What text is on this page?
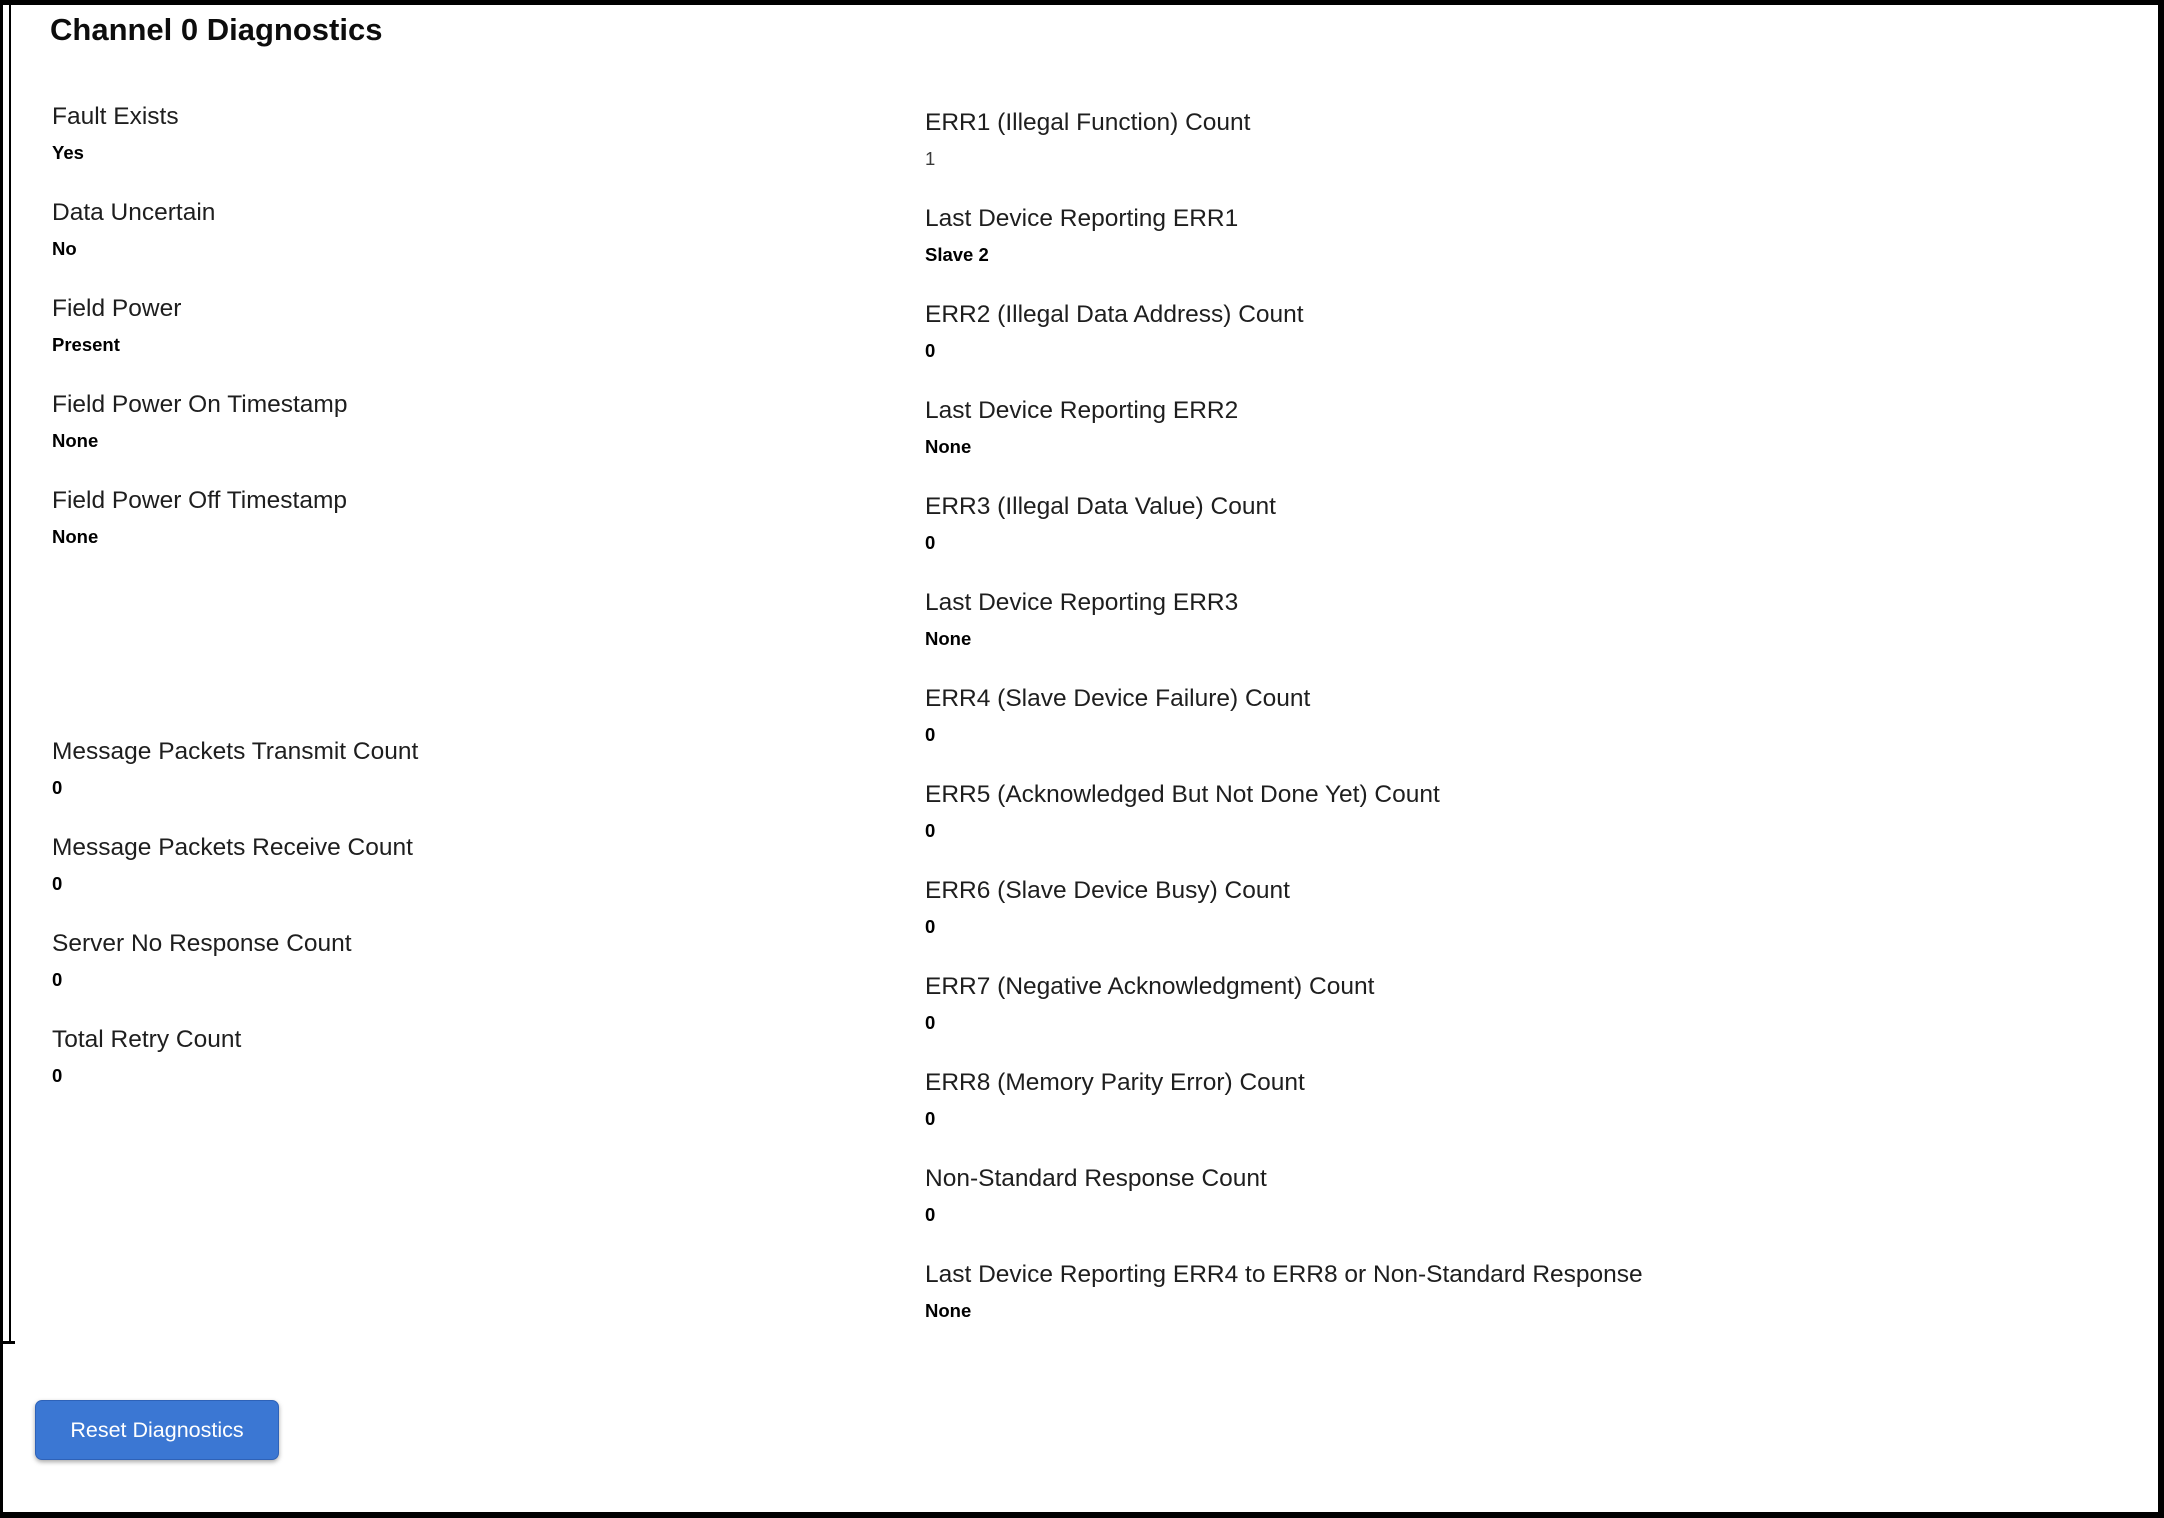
Channel 0 Diagnostics
Fault Exists
Yes
Data Uncertain
No
Field Power
Present
Field Power On Timestamp
None
Field Power Off Timestamp
None
Message Packets Transmit Count
0
Message Packets Receive Count
0
Server No Response Count
0
Total Retry Count
0
ERR1 (Illegal Function) Count
1
Last Device Reporting ERR1
Slave 2
ERR2 (Illegal Data Address) Count
0
Last Device Reporting ERR2
None
ERR3 (Illegal Data Value) Count
0
Last Device Reporting ERR3
None
ERR4 (Slave Device Failure) Count
0
ERR5 (Acknowledged But Not Done Yet) Count
0
ERR6 (Slave Device Busy) Count
0
ERR7 (Negative Acknowledgment) Count
0
ERR8 (Memory Parity Error) Count
0
Non-Standard Response Count
0
Last Device Reporting ERR4 to ERR8 or Non-Standard Response
None
Reset Diagnostics
